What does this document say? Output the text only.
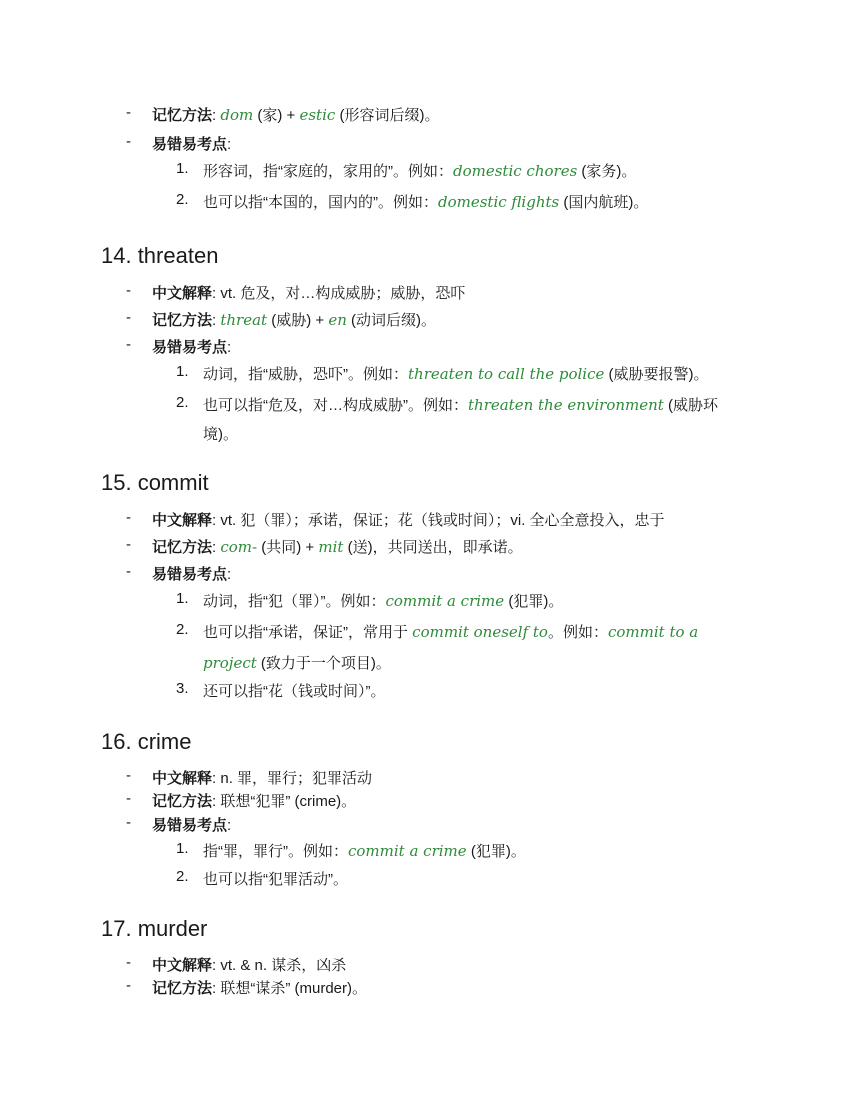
- 记忆方法: dom (家) + estic (形容词后缀)。
- 易错易考点:
1. 形容词，指“家庭的，家用的”。例如：domestic chores (家务)。
2. 也可以指“本国的，国内的”。例如：domestic flights (国内航班)。
14. threaten
- 中文解释: vt. 危及，对…构成威胁；威胁，恐吓
- 记忆方法: threat (威胁) + en (动词后缀)。
- 易错易考点:
1. 动词，指“威胁，恐吓”。例如：threaten to call the police (威胁要报警)。
2. 也可以指“危及，对…构成威胁”。例如：threaten the environment (威胁环
境)。
15. commit
- 中文解释: vt. 犯（罪）；承诺，保证；花（钱或时间）；vi. 全心全意投入，忠于
- 记忆方法: com- (共同) + mit (送)，共同送出，即承诺。
- 易错易考点:
1. 动词，指“犯（罪）”。例如：commit a crime (犯罪)。
2. 也可以指“承诺，保证”，常用于 commit oneself to。例如：commit to a
project (致力于一个项目)。
3. 还可以指“花（钱或时间）”。
16. crime
- 中文解释: n. 罪，罪行；犯罪活动
- 记忆方法: 联想“犯罪” (crime)。
- 易错易考点:
1. 指“罪，罪行”。例如：commit a crime (犯罪)。
2. 也可以指“犯罪活动”。
17. murder
- 中文解释: vt. & n. 谋杀，凶杀
- 记忆方法: 联想“谋杀” (murder)。
